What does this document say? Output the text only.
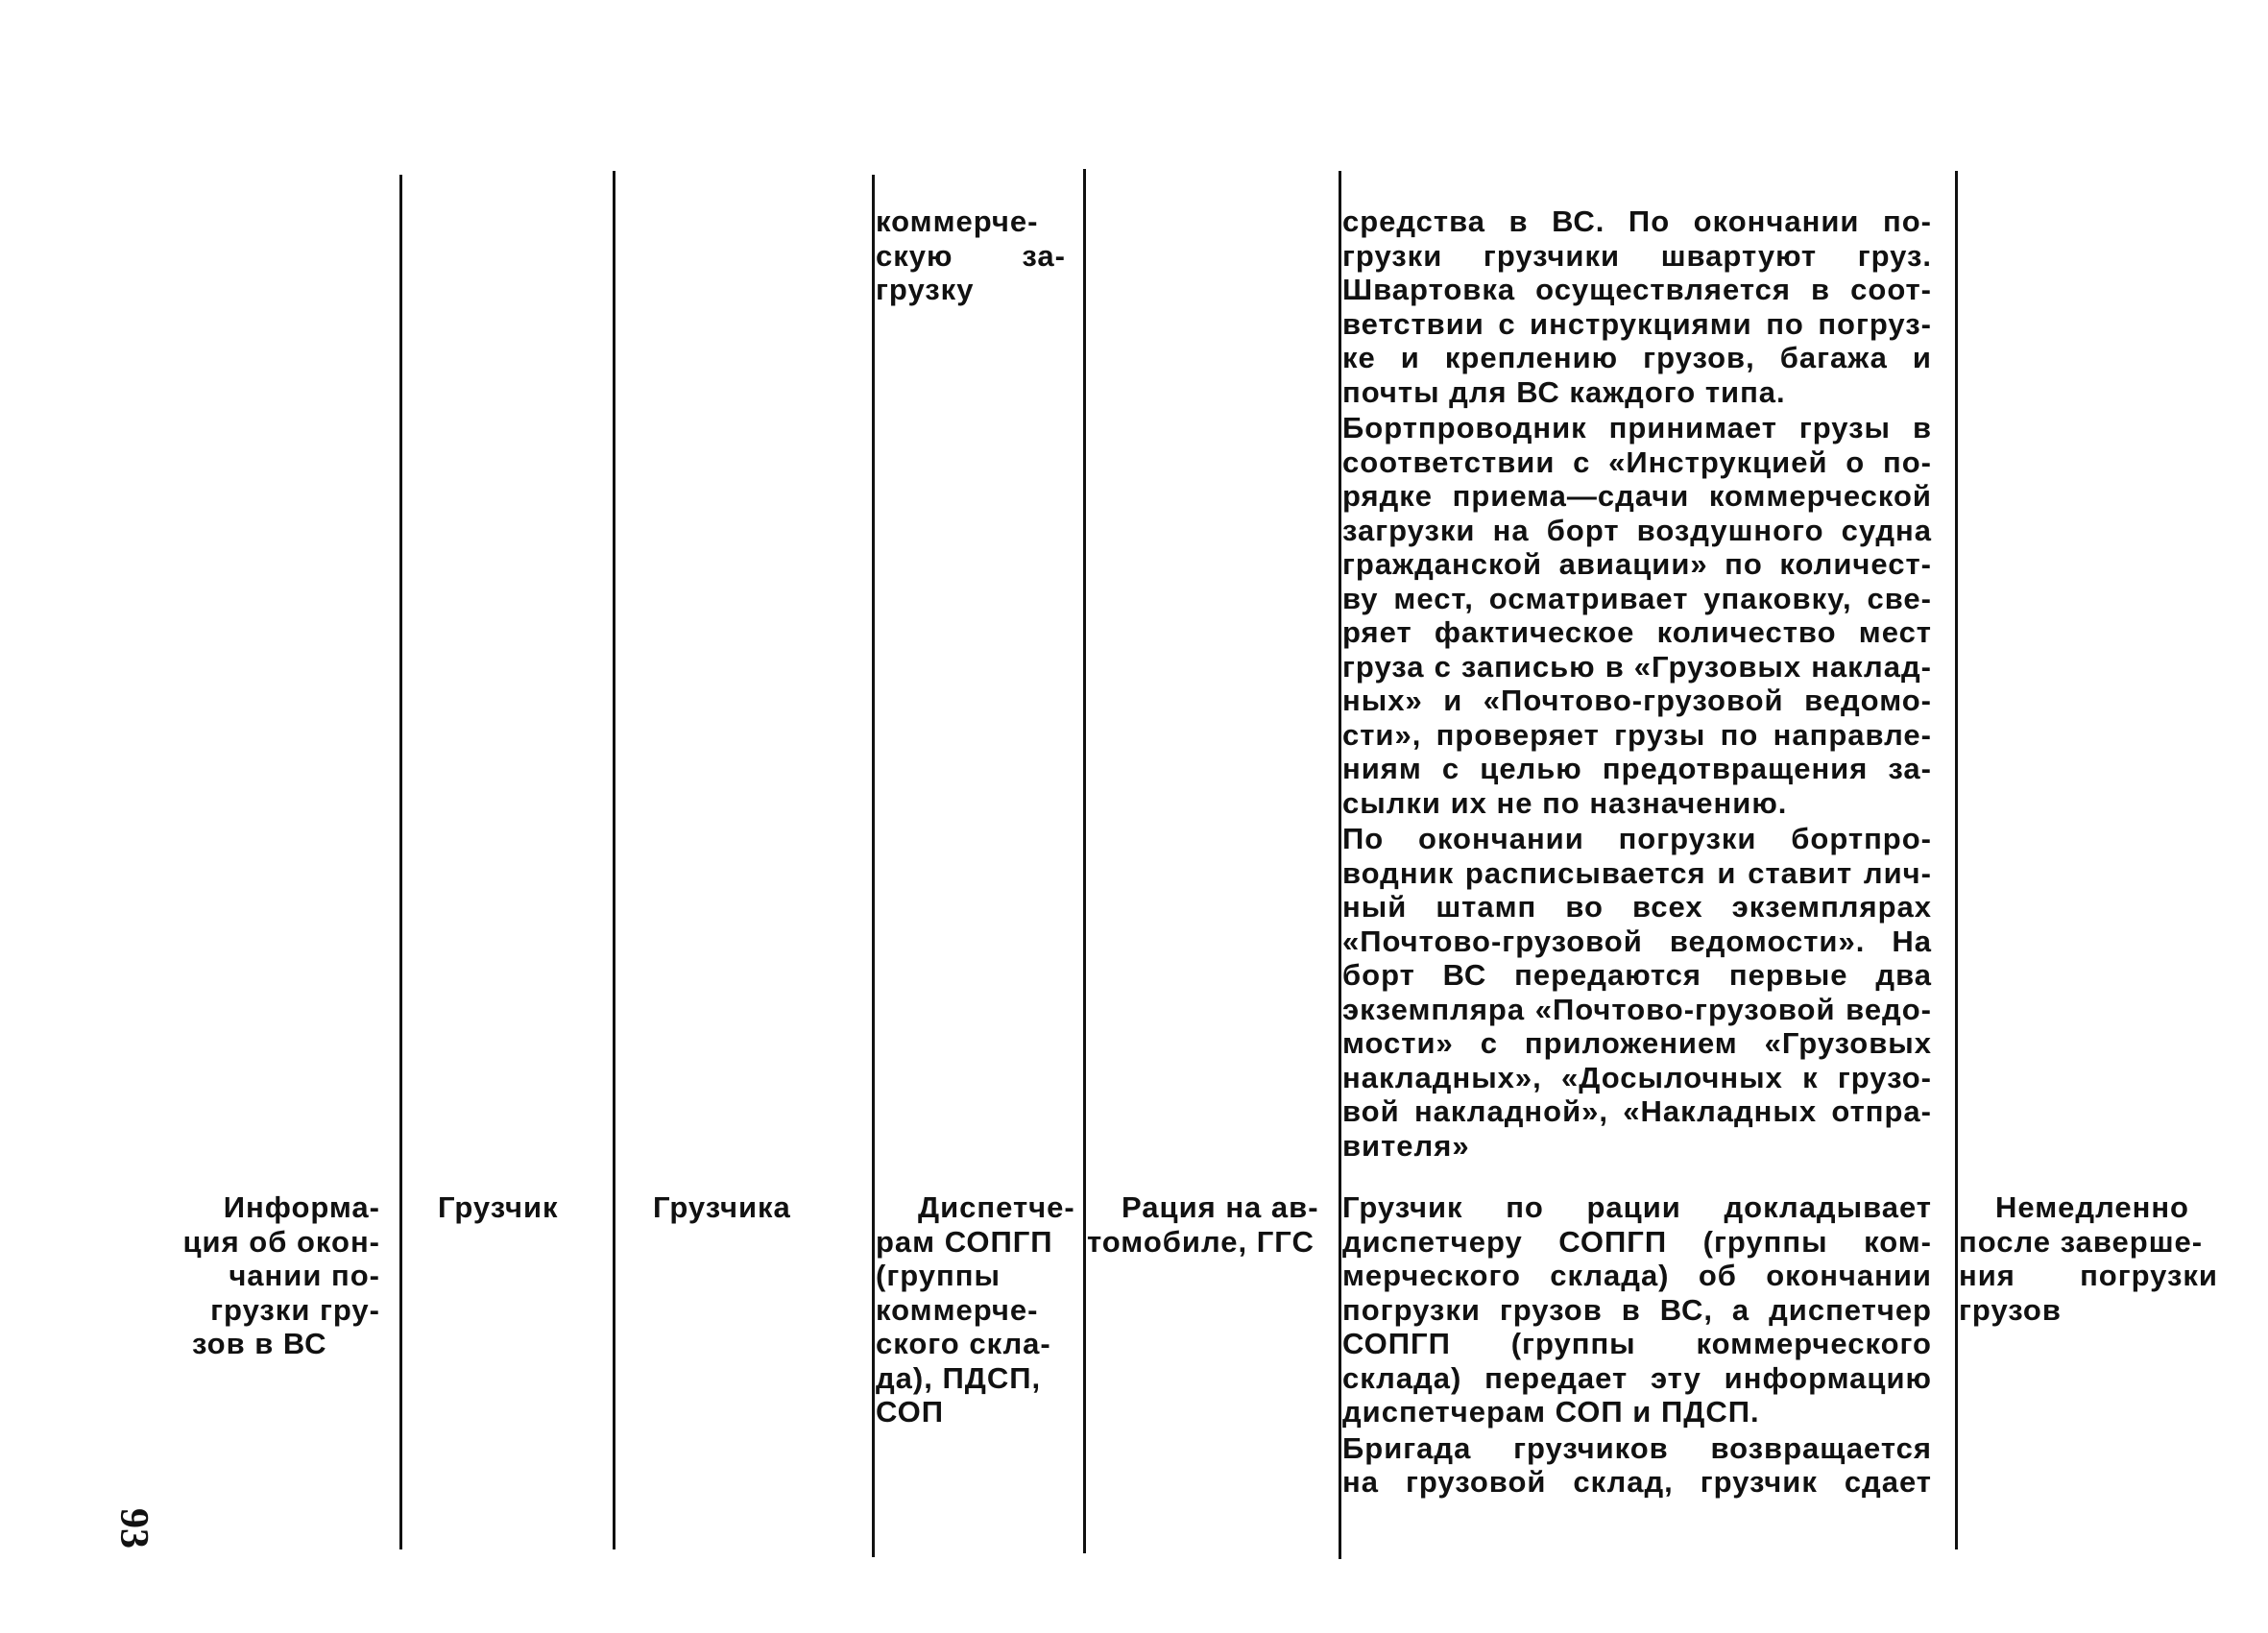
коммерче-
скую за-
грузку
средства в ВС. По окончании по-
грузки грузчики швартуют груз.
Швартовка осуществляется в соот-
ветствии с инструкциями по погруз-
ке и креплению грузов, багажа и
почты для ВС каждого типа.
Бортпроводник принимает грузы в
соответствии с «Инструкцией о по-
рядке приема—сдачи коммерческой
загрузки на борт воздушного судна
гражданской авиации» по количест-
ву мест, осматривает упаковку, све-
ряет фактическое количество мест
груза с записью в «Грузовых наклад-
ных» и «Почтово-грузовой ведомо-
сти», проверяет грузы по направле-
ниям с целью предотвращения за-
сылки их не по назначению.
По окончании погрузки бортпро-
водник расписывается и ставит лич-
ный штамп во всех экземплярах
«Почтово-грузовой ведомости». На
борт ВС передаются первые два
экземпляра «Почтово-грузовой ведо-
мости» с приложением «Грузовых
накладных», «Досылочных к грузо-
вой накладной», «Накладных отпра-
вителя»
Информа-
ция об окон-
чании по-
грузки гру-
зов в ВС
Грузчик	Грузчика	Диспетче-
рам СОПГП
(группы
коммерче-
ского скла-
да), ПДСП,
СОП
Рация на ав-
томобиле, ГГС
Грузчик по рации докладывает
диспетчеру СОПГП (группы ком-
мерческого склада) об окончании
погрузки грузов в ВС, а диспетчер
СОПГП (группы коммерческого
склада) передает эту информацию
диспетчерам СОП и ПДСП.
Бригада грузчиков возвращается
на грузовой склад, грузчик сдает
Немедленно
после заверше-
ния погрузки
грузов
93
